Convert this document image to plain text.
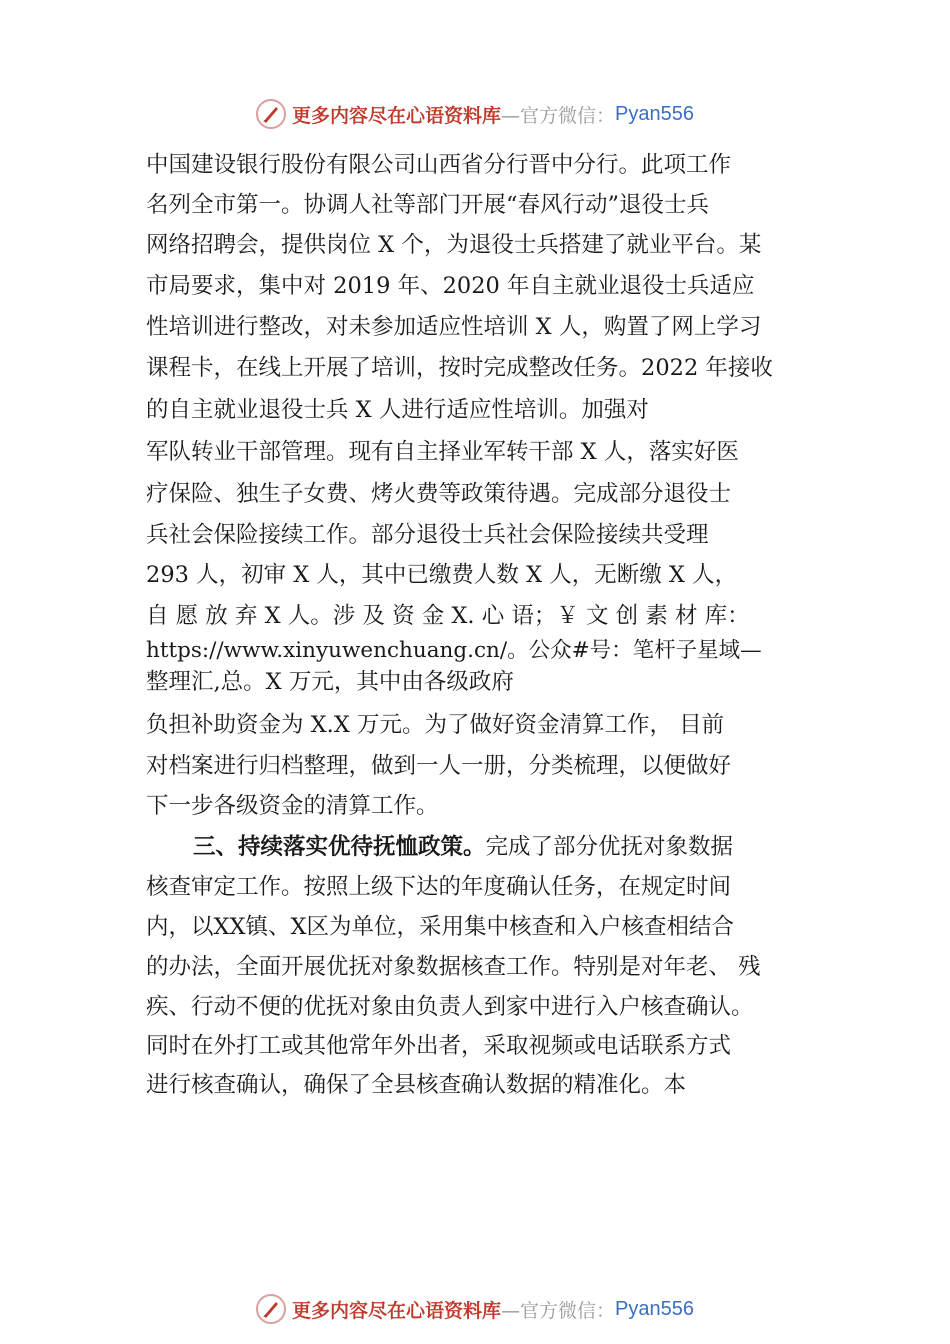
更多内容尽在心语资料库 —官方微信： Pyan556
中国建设银行股份有限公司山西省分行晋中分行。此项工作
名列全市第一。协调人社等部门开展“春风行动”退役士兵
网络招聘会，提供岗位 X 个，为退役士兵搭建了就业平台。某
市局要求，集中对 2019 年、2020 年自主就业退役士兵适应
性培训进行整改，对未参加适应性培训 X 人，购置了网上学习
课程卡，在线上开展了培训，按时完成整改任务。2022 年接收
的自主就业退役士兵 X 人进行适应性培训。加强对
军队转业干部管理。现有自主择业军转干部 X 人，落实好医
疗保险、独生子女费、烤火费等政策待遇。完成部分退役士
兵社会保险接续工作。部分退役士兵社会保险接续共受理
293 人，初审 X 人，其中已缴费人数 X 人，无断缴 X 人，
自 愿 放 弃 X 人。涉 及 资 金 X. 心 语；￥ 文 创 素 材 库：
https://www.xinyuwenchuang.cn/。公众#号：笔杆子星域—
整理汇,总。X 万元，其中由各级政府
负担补助资金为 X.X 万元。为了做好资金清算工作， 目前
对档案进行归档整理，做到一人一册，分类梳理，以便做好
下一步各级资金的清算工作。
三、持续落实优待抚恤政策。完成了部分优抚对象数据
核查审定工作。按照上级下达的年度确认任务，在规定时间
内，以XX镇、X区为单位，采用集中核查和入户核查相结合
的办法，全面开展优抚对象数据核查工作。特别是对年老、 残
疾、行动不便的优抚对象由负责人到家中进行入户核查确认。
同时在外打工或其他常年外出者，采取视频或电话联系方式
进行核查确认，确保了全县核查确认数据的精准化。本
更多内容尽在心语资料库 —官方微信： Pyan556
